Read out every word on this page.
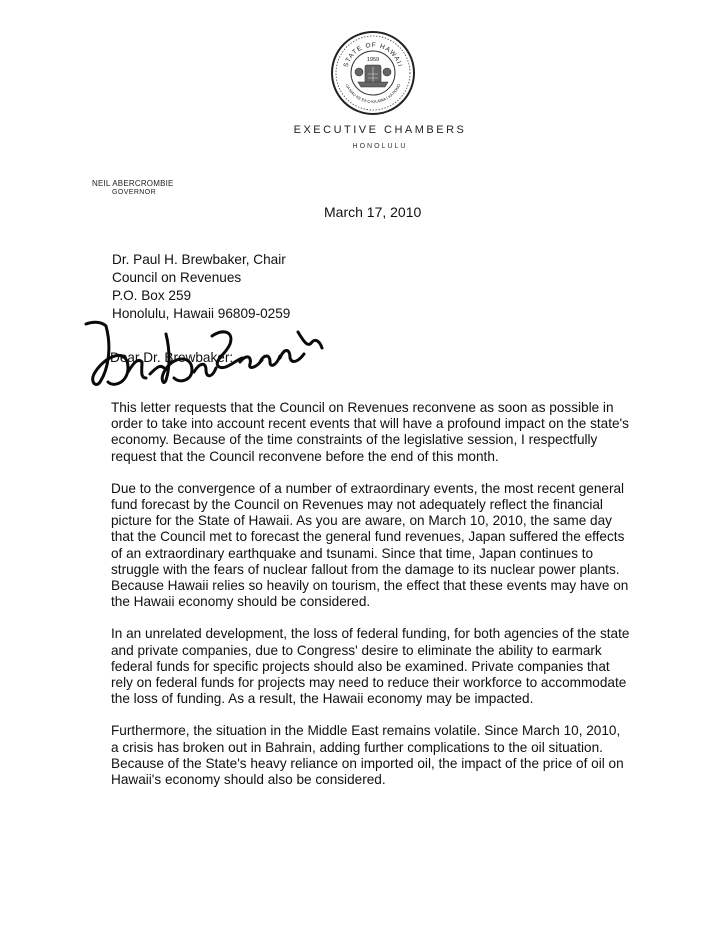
STATE OF HAWAII
UA MAU KE EA O KA AINA I KA PONO
1959
EXECUTIVE CHAMBERS
HONOLULU
NEIL ABERCROMBIE
GOVERNOR
March 17, 2010
Dr. Paul H. Brewbaker, Chair
Council on Revenues
P.O. Box 259
Honolulu, Hawaii 96809-0259
Dear Dr. Brewbaker:

This letter requests that the Council on Revenues reconvene as soon as possible in order to take into account recent events that will have a profound impact on the state's economy. Because of the time constraints of the legislative session, I respectfully request that the Council reconvene before the end of this month.

Due to the convergence of a number of extraordinary events, the most recent general fund forecast by the Council on Revenues may not adequately reflect the financial picture for the State of Hawaii. As you are aware, on March 10, 2010, the same day that the Council met to forecast the general fund revenues, Japan suffered the effects of an extraordinary earthquake and tsunami. Since that time, Japan continues to struggle with the fears of nuclear fallout from the damage to its nuclear power plants. Because Hawaii relies so heavily on tourism, the effect that these events may have on the Hawaii economy should be considered.

In an unrelated development, the loss of federal funding, for both agencies of the state and private companies, due to Congress' desire to eliminate the ability to earmark federal funds for specific projects should also be examined. Private companies that rely on federal funds for projects may need to reduce their workforce to accommodate the loss of funding. As a result, the Hawaii economy may be impacted.

Furthermore, the situation in the Middle East remains volatile. Since March 10, 2010, a crisis has broken out in Bahrain, adding further complications to the oil situation. Because of the State's heavy reliance on imported oil, the impact of the price of oil on Hawaii's economy should also be considered.
